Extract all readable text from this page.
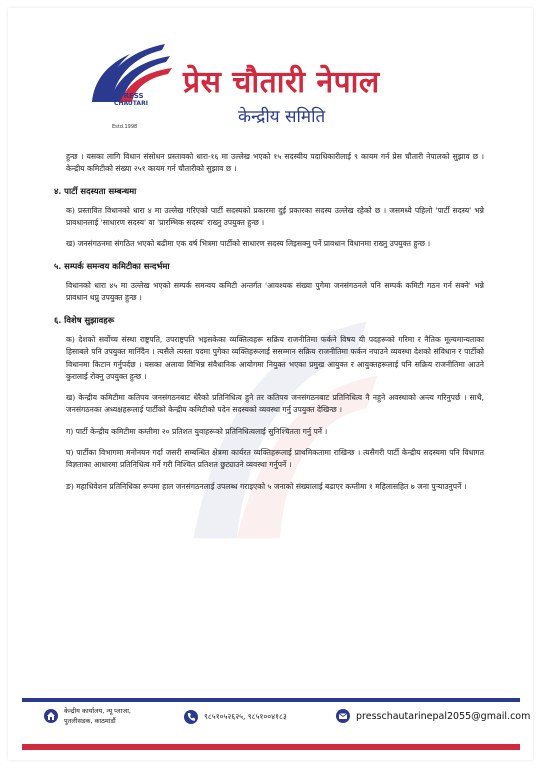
PRESS
CHAUTARI
Estd.1998
प्रेस चौतारी नेपाल
केन्द्रीय समिति

हुन्छ । यसका लागि विधान संसोधन प्रस्तावको धारा-१६ मा उल्लेख भएको १५ सदस्यीय पदाधिकारीलाई ९ कायम गर्न प्रेस चौतारी नेपालको सुझाव छ । केन्द्रीय कमिटीको संख्या २५१ कायम गर्न चौतारीको सुझाव छ ।

४. पार्टी सदस्यता सम्बन्धमा

क) प्रस्तावित विधानको धारा ४ मा उल्लेख गरिएको पार्टी सदस्यको प्रकारमा दुई प्रकारका सदस्य उल्लेख रहेको छ । जसमध्ये पहिलो 'पार्टी सदस्य' भन्ने प्रावधानलाई 'साधारण सदस्य' वा 'प्रारम्भिक सदस्य' राख्नु उपयुक्त हुन्छ ।

ख) जनसंगठनमा संगठित भएको बढीमा एक वर्ष भित्रमा पार्टीको साधारण सदस्य लिइसक्नु पर्ने प्रावधान विधानमा राख्नु उपयुक्त हुन्छ ।

५. सम्पर्क समन्वय कमिटीका सन्दर्भमा

विधानको धारा ४५ मा उल्लेख भएको सम्पर्क समन्वय कमिटी अन्तर्गत 'आवश्यक संख्या पुगेमा जनसंगठनले पनि सम्पर्क कमिटी गठन गर्न सक्ने' भन्ने प्रावधान थप्नु उपयुक्त हुन्छ ।

६. विशेष सुझावहरू

क) देशको सर्वोच्च संस्था राष्ट्रपति, उपराष्ट्रपति भइसकेका व्यक्तित्वहरू सक्रिय राजनीतिमा फर्कने विषय यी पदहरूको गरिमा र नैतिक मूल्यमान्यताका हिसाबले पनि उपयुक्त मानिँदैन । त्यसैले त्यस्ता पदमा पुगेका व्यक्तिहरूलाई ससम्मान सक्रिय राजनीतिमा फर्कन नपाउने व्यवस्था देशको संविधान र पार्टीको विधानमा किटान गर्नुपर्दछ । यसका अलावा विभिन्न संवैधानिक आयोगमा नियुक्त भएका प्रमुख आयुक्त र आयुक्तहरूलाई पनि सक्रिय राजनीतिमा आउने कुरालाई रोक्नु उपयुक्त हुन्छ ।

ख) केन्द्रीय कमिटीमा कतिपय जनसंगठनबाट धेरैको प्रतिनिधित्व हुने तर कतिपय जनसंगठनबाट प्रतिनिधित्व नै नहुने अवस्थाको अन्त्य गरिनुपर्छ । साथै, जनसंगठनका अध्यक्षहरूलाई पार्टीको केन्द्रीय कमिटीको पदेन सदस्यको व्यवस्था गर्नु उपयुक्त देखिन्छ ।

ग) पार्टी केन्द्रीय कमिटीमा कम्तीमा २० प्रतिशत युवाहरूको प्रतिनिधित्वलाई सुनिश्चितता गर्नु पर्ने ।

घ) पार्टीका विभागमा मनोनयन गर्दा जसरी सम्बन्धित क्षेत्रमा कार्यरत व्यक्तिहरूलाई प्राथमिकतामा राखिन्छ । त्यसैगरी पार्टी केन्द्रीय सदस्यमा पनि विधागत विज्ञताका आधारमा प्रतिनिधित्व गर्ने गरी निश्चित प्रतिशत छुट्याउने व्यवस्था गर्नुपर्ने ।

ङ) महाधिवेशन प्रतिनिधिका रूपमा हाल जनसंगठनलाई उपलब्ध गराइएको ५ जनाको संख्यालाई बढाएर कम्तीमा १ महिलासहित ७ जना पुऱ्याउनुपर्ने ।

केन्द्रीय कार्यालय, न्यू प्लाजा,
पुतलीसडक, काठमाडौं	९८५१०५२६२५, ९८५१००४१८३	presschautarinepal2055@gmail.com
